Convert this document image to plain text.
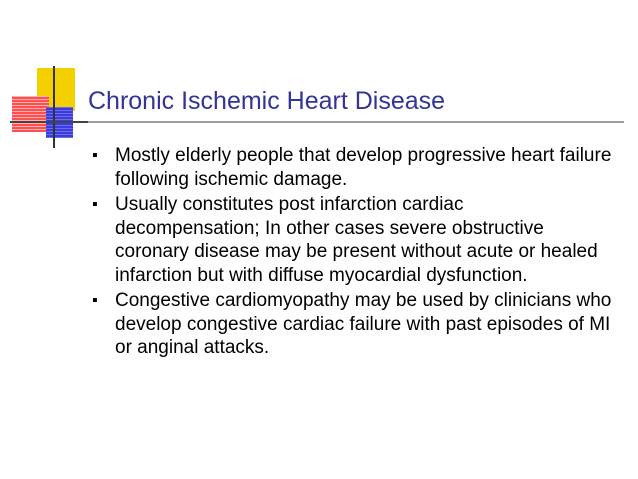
Chronic Ischemic Heart Disease
▪ Mostly elderly people that develop progressive heart failure following ischemic damage.
▪ Usually constitutes post infarction cardiac decompensation; In other cases severe obstructive coronary disease may be present without acute or healed infarction but with diffuse myocardial dysfunction.
▪ Congestive cardiomyopathy may be used by clinicians who develop congestive cardiac failure with past episodes of MI or anginal attacks.
